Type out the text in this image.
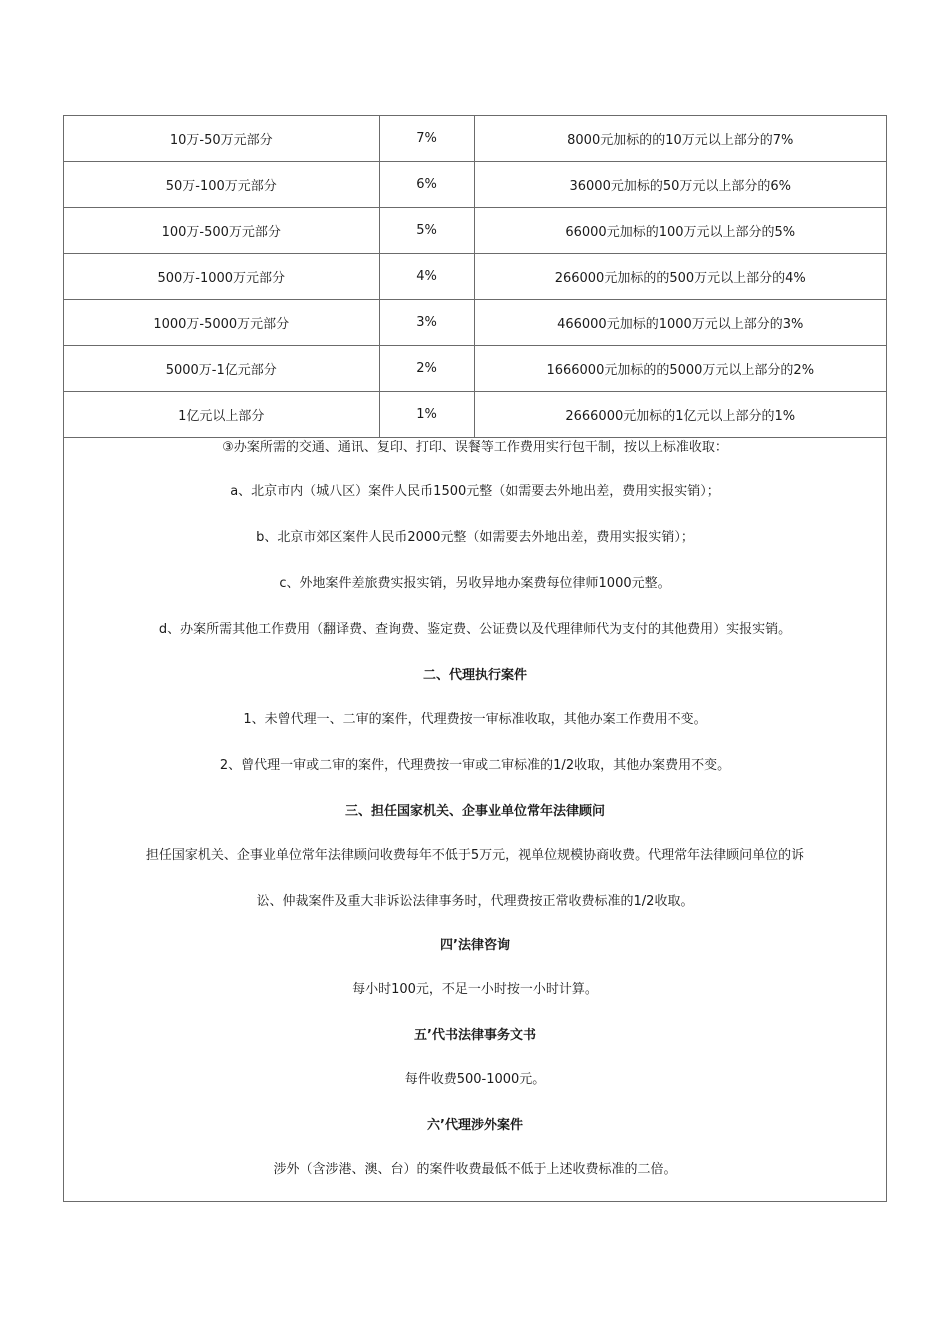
10万-50万元部分	7%	8000元加标的的10万元以上部分的7%
50万-100万元部分	6%	36000元加标的50万元以上部分的6%
100万-500万元部分	5%	66000元加标的100万元以上部分的5%
500万-1000万元部分	4%	266000元加标的的500万元以上部分的4%
1000万-5000万元部分	3%	466000元加标的1000万元以上部分的3%
5000万-1亿元部分	2%	1666000元加标的的5000万元以上部分的2%
1亿元以上部分	1%	2666000元加标的1亿元以上部分的1%

③办案所需的交通、通讯、复印、打印、误餐等工作费用实行包干制，按以上标准收取：

a、北京市内（城八区）案件人民币1500元整（如需要去外地出差，费用实报实销）；

b、北京市郊区案件人民币2000元整（如需要去外地出差，费用实报实销）；

c、外地案件差旅费实报实销，另收异地办案费每位律师1000元整。

d、办案所需其他工作费用（翻译费、查询费、鉴定费、公证费以及代理律师代为支付的其他费用）实报实销。

二、代理执行案件

1、未曾代理一、二审的案件，代理费按一审标准收取，其他办案工作费用不变。

2、曾代理一审或二审的案件，代理费按一审或二审标准的1/2收取，其他办案费用不变。

三、担任国家机关、企事业单位常年法律顾问

担任国家机关、企事业单位常年法律顾问收费每年不低于5万元，视单位规模协商收费。代理常年法律顾问单位的诉

讼、仲裁案件及重大非诉讼法律事务时，代理费按正常收费标准的1/2收取。

四’法律咨询

每小时100元，不足一小时按一小时计算。

五’代书法律事务文书

每件收费500-1000元。

六’代理涉外案件

涉外（含涉港、澳、台）的案件收费最低不低于上述收费标准的二倍。
